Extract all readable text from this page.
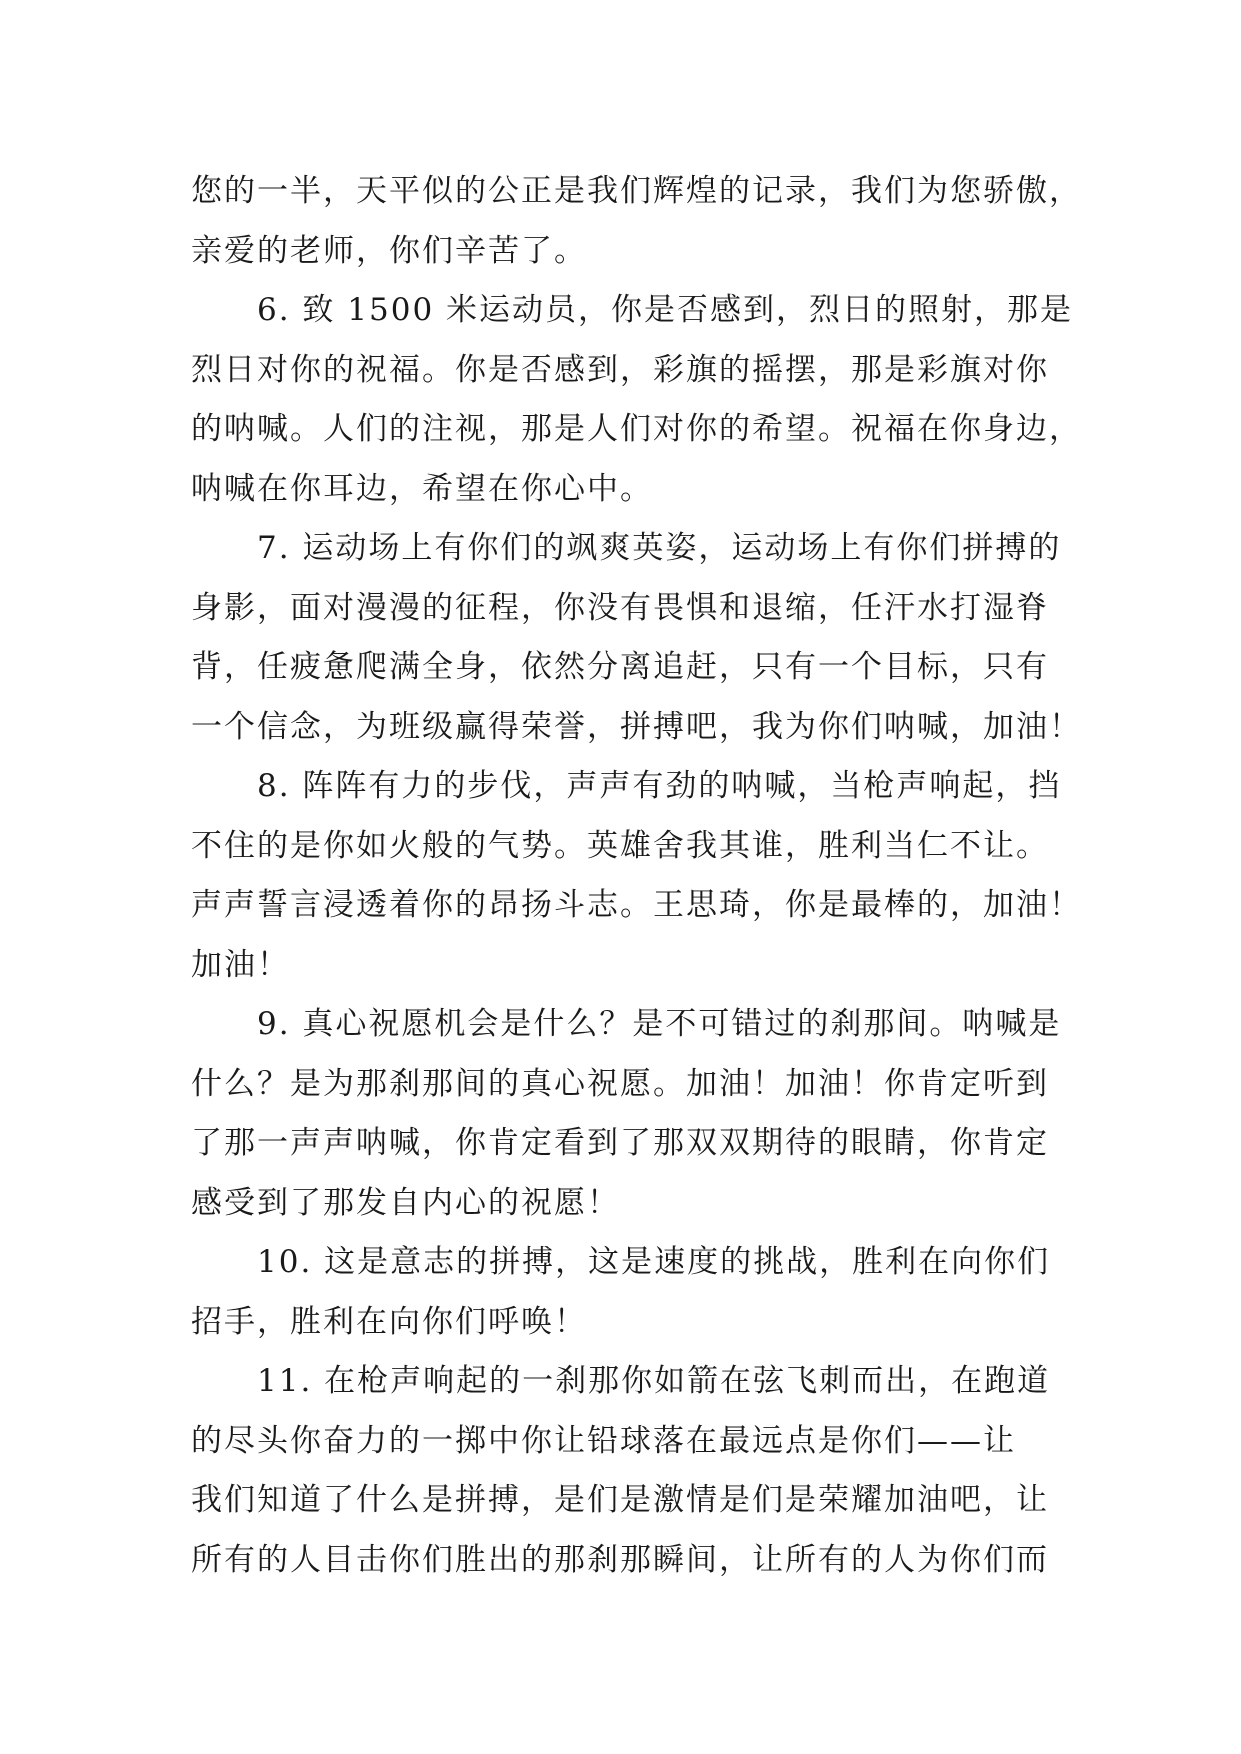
您的一半，天平似的公正是我们辉煌的记录，我们为您骄傲，
亲爱的老师，你们辛苦了。
6. 致 1500 米运动员，你是否感到，烈日的照射，那是
烈日对你的祝福。你是否感到，彩旗的摇摆，那是彩旗对你
的呐喊。人们的注视，那是人们对你的希望。祝福在你身边，
呐喊在你耳边，希望在你心中。
7. 运动场上有你们的飒爽英姿，运动场上有你们拼搏的
身影，面对漫漫的征程，你没有畏惧和退缩，任汗水打湿脊
背，任疲惫爬满全身，依然分离追赶，只有一个目标，只有
一个信念，为班级赢得荣誉，拼搏吧，我为你们呐喊，加油！
8. 阵阵有力的步伐，声声有劲的呐喊，当枪声响起，挡
不住的是你如火般的气势。英雄舍我其谁，胜利当仁不让。
声声誓言浸透着你的昂扬斗志。王思琦，你是最棒的，加油！
加油！
9. 真心祝愿机会是什么？是不可错过的刹那间。呐喊是
什么？是为那刹那间的真心祝愿。加油！加油！你肯定听到
了那一声声呐喊，你肯定看到了那双双期待的眼睛，你肯定
感受到了那发自内心的祝愿！
10. 这是意志的拼搏，这是速度的挑战，胜利在向你们
招手，胜利在向你们呼唤！
11. 在枪声响起的一刹那你如箭在弦飞刺而出，在跑道
的尽头你奋力的一掷中你让铅球落在最远点是你们——让
我们知道了什么是拼搏，是们是激情是们是荣耀加油吧，让
所有的人目击你们胜出的那刹那瞬间，让所有的人为你们而
